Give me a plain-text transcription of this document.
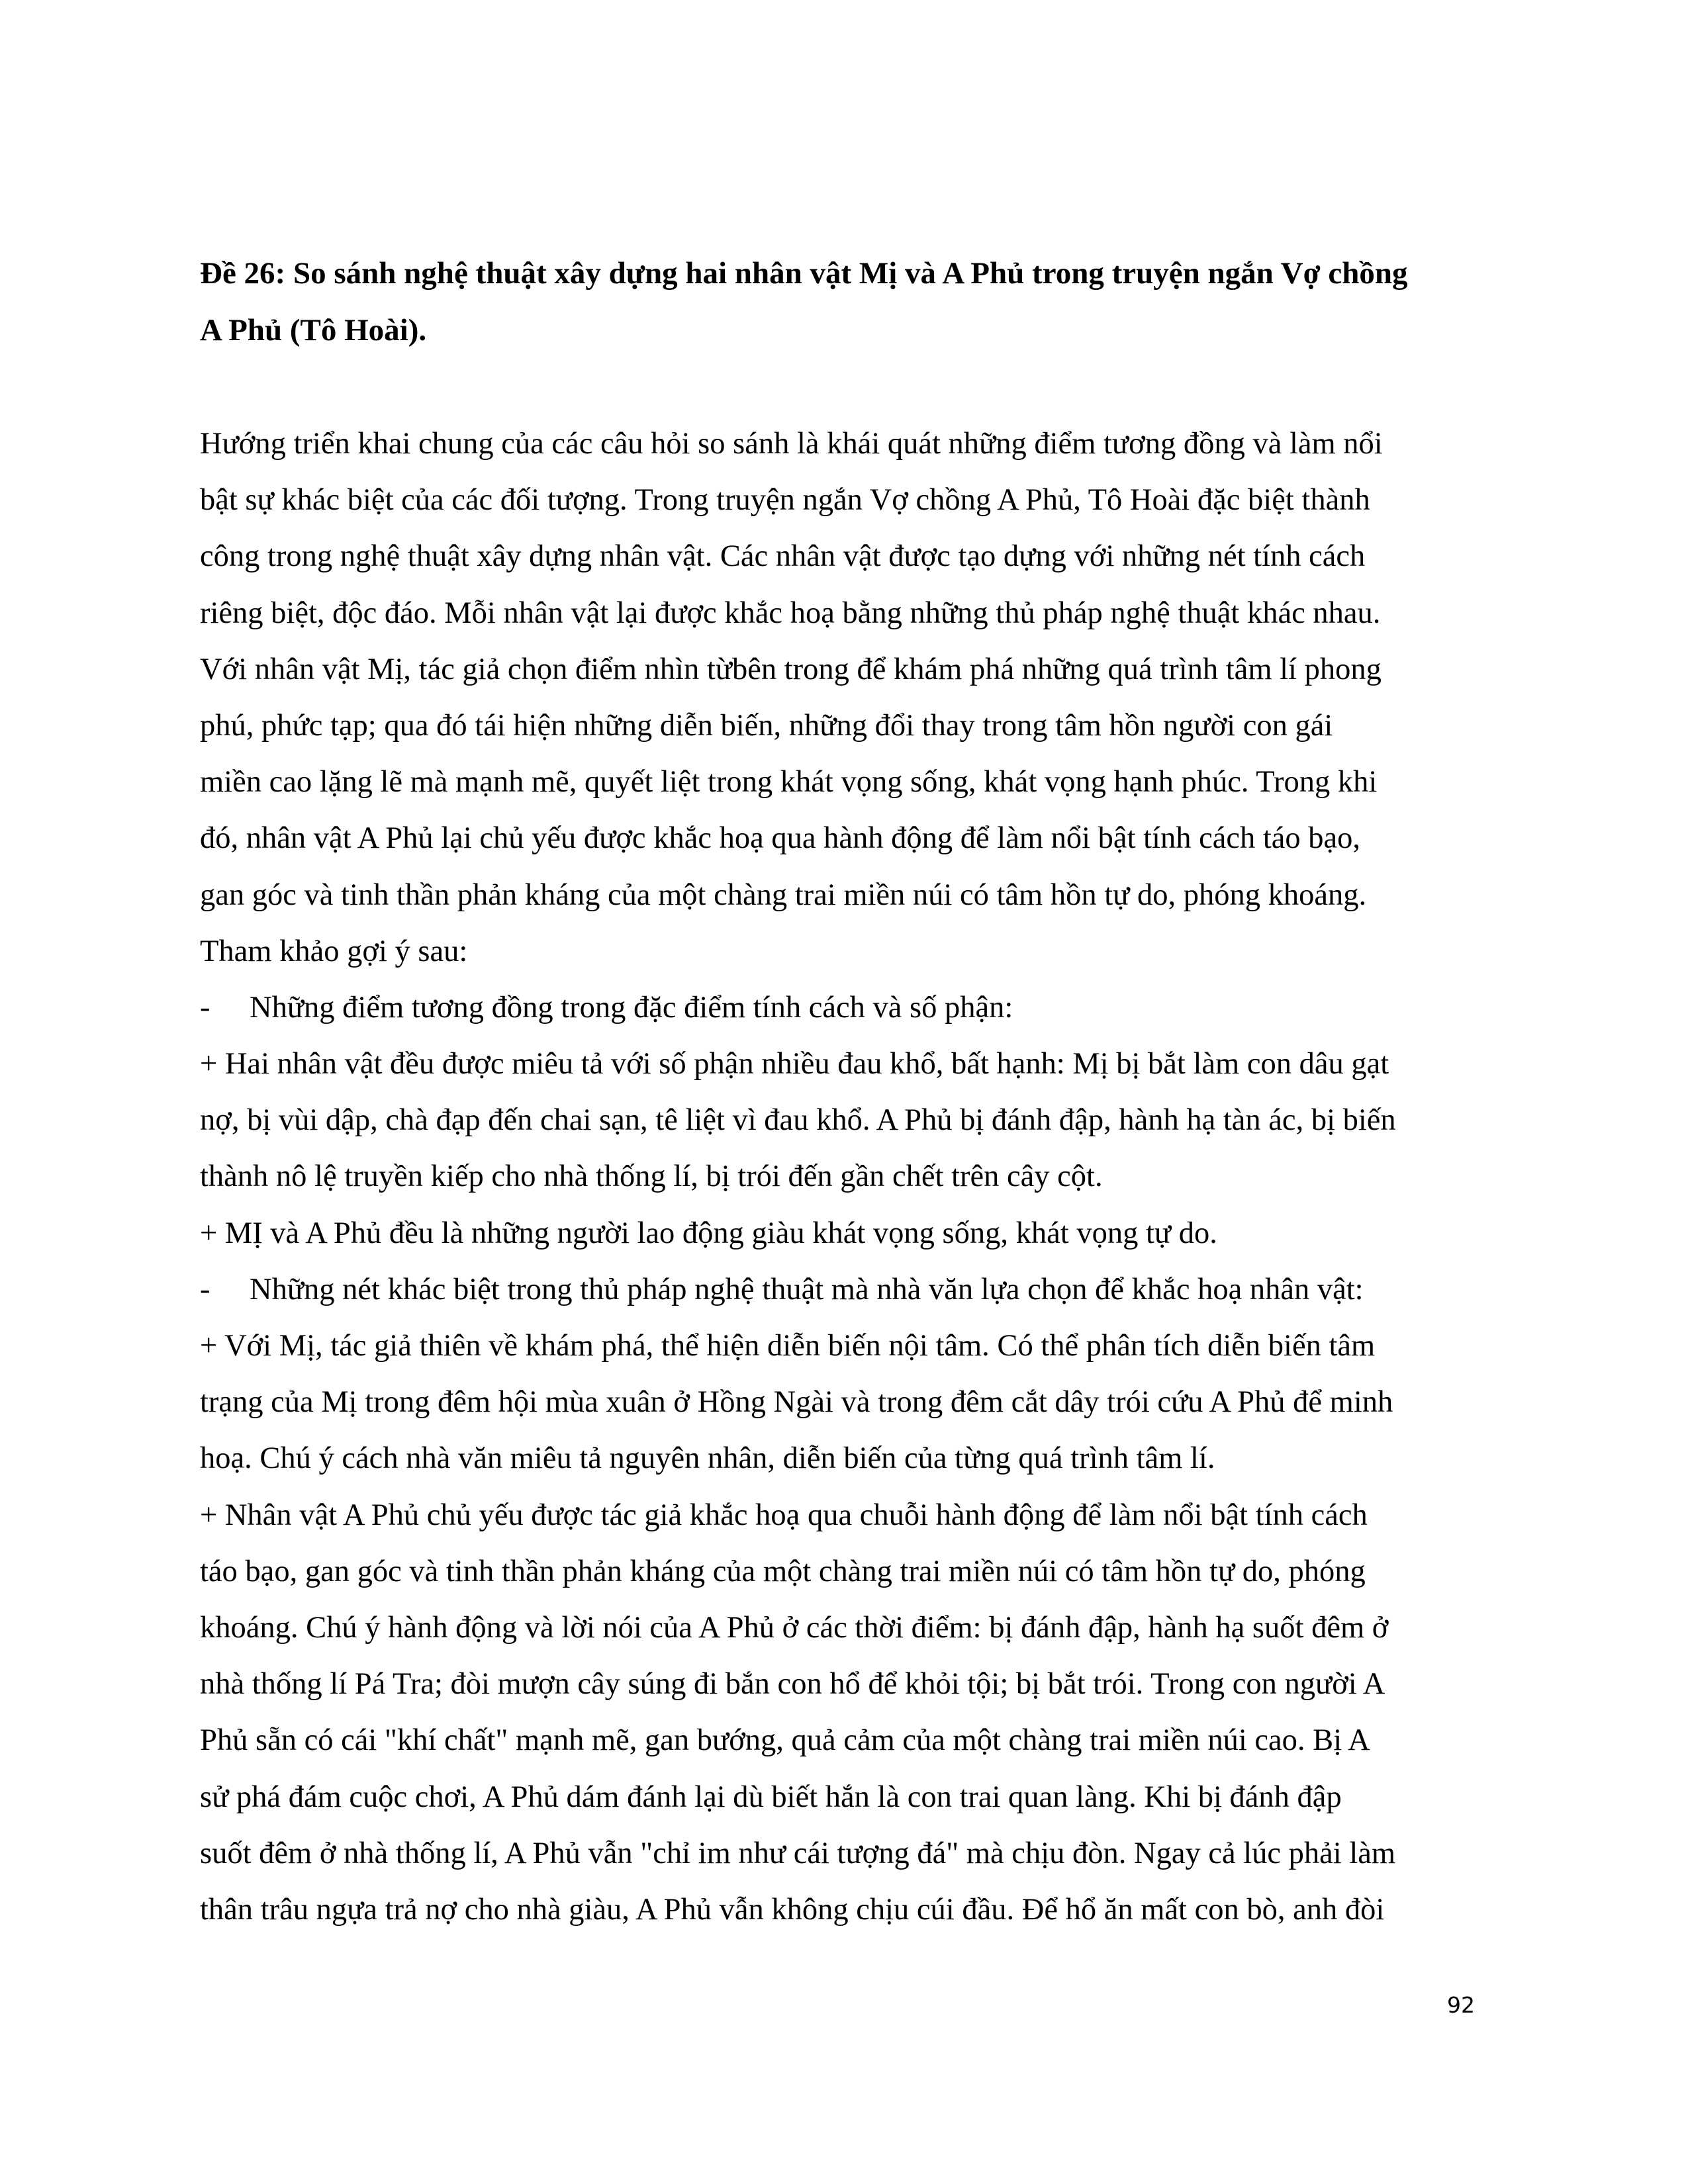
Đề 26: So sánh nghệ thuật xây dựng hai nhân vật Mị và A Phủ trong truyện ngắn Vợ chồng
A Phủ (Tô Hoài).
Hướng triển khai chung của các câu hỏi so sánh là khái quát những điểm tương đồng và làm nổi
bật sự khác biệt của các đối tượng. Trong truyện ngắn Vợ chồng A Phủ, Tô Hoài đặc biệt thành
công trong nghệ thuật xây dựng nhân vật. Các nhân vật được tạo dựng với những nét tính cách
riêng biệt, độc đáo. Mỗi nhân vật lại được khắc hoạ bằng những thủ pháp nghệ thuật khác nhau.
Với nhân vật Mị, tác giả chọn điểm nhìn từbên trong để khám phá những quá trình tâm lí phong
phú, phức tạp; qua đó tái hiện những diễn biến, những đổi thay trong tâm hồn người con gái
miền cao lặng lẽ mà mạnh mẽ, quyết liệt trong khát vọng sống, khát vọng hạnh phúc. Trong khi
đó, nhân vật A Phủ lại chủ yếu được khắc hoạ qua hành động để làm nổi bật tính cách táo bạo,
gan góc và tinh thần phản kháng của một chàng trai miền núi có tâm hồn tự do, phóng khoáng.
Tham khảo gợi ý sau:
- Những điểm tương đồng trong đặc điểm tính cách và số phận:
+ Hai nhân vật đều được miêu tả với số phận nhiều đau khổ, bất hạnh: Mị bị bắt làm con dâu gạt
nợ, bị vùi dập, chà đạp đến chai sạn, tê liệt vì đau khổ. A Phủ bị đánh đập, hành hạ tàn ác, bị biến
thành nô lệ truyền kiếp cho nhà thống lí, bị trói đến gần chết trên cây cột.
+ MỊ và A Phủ đều là những người lao động giàu khát vọng sống, khát vọng tự do.
- Những nét khác biệt trong thủ pháp nghệ thuật mà nhà văn lựa chọn để khắc hoạ nhân vật:
+ Với Mị, tác giả thiên về khám phá, thể hiện diễn biến nội tâm. Có thể phân tích diễn biến tâm
trạng của Mị trong đêm hội mùa xuân ở Hồng Ngài và trong đêm cắt dây trói cứu A Phủ để minh
hoạ. Chú ý cách nhà văn miêu tả nguyên nhân, diễn biến của từng quá trình tâm lí.
+ Nhân vật A Phủ chủ yếu được tác giả khắc hoạ qua chuỗi hành động để làm nổi bật tính cách
táo bạo, gan góc và tinh thần phản kháng của một chàng trai miền núi có tâm hồn tự do, phóng
khoáng. Chú ý hành động và lời nói của A Phủ ở các thời điểm: bị đánh đập, hành hạ suốt đêm ở
nhà thống lí Pá Tra; đòi mượn cây súng đi bắn con hổ để khỏi tội; bị bắt trói. Trong con người A
Phủ sẵn có cái "khí chất" mạnh mẽ, gan bướng, quả cảm của một chàng trai miền núi cao. Bị A
sử phá đám cuộc chơi, A Phủ dám đánh lại dù biết hắn là con trai quan làng. Khi bị đánh đập
suốt đêm ở nhà thống lí, A Phủ vẫn "chỉ im như cái tượng đá" mà chịu đòn. Ngay cả lúc phải làm
thân trâu ngựa trả nợ cho nhà giàu, A Phủ vẫn không chịu cúi đầu. Để hổ ăn mất con bò, anh đòi
92
